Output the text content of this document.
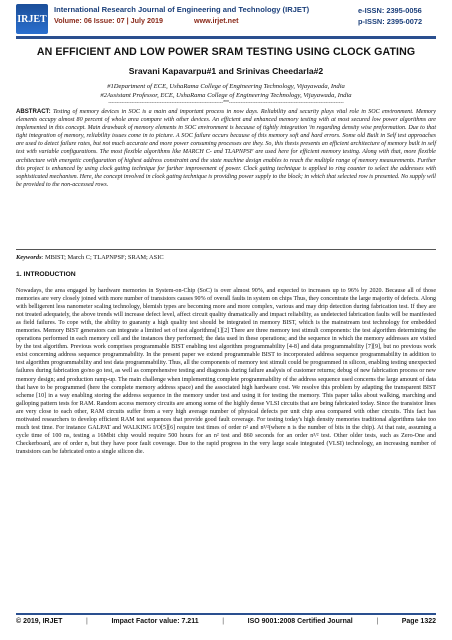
IRJET
International Research Journal of Engineering and Technology (IRJET)
Volume: 06 Issue: 07 | July 2019	www.irjet.net
e-ISSN: 2395-0056
p-ISSN: 2395-0072
AN EFFICIENT AND LOW POWER SRAM TESTING USING CLOCK GATING
Sravani Kapavarpu#1 and Srinivas Cheedarla#2
#1Department of ECE, UshaRama College of Engineering Technology, Vijayawada, India
#2Assistant Professor, ECE, UshaRama College of Engineering Technology, Vijayawada, India
---------------------------------------------------------------------***---------------------------------------------------------------------
ABSTRACT: Testing of memory devices in SOC is a main and important process in now days. Reliability and security plays vital role in SOC environment. Memory elements occupy almost 80 percent of whole area compare with other devices. An efficient and enhanced memory testing with at most secured low power algorithms are implemented in this concept. Main drawback of memory elements in SOC environment is because of tightly integration 'in regarding density wise preformation. Due to that tight integration of memory, reliability issues come in to picture. A SOC failure occurs because of this memory soft and hard errors. Some old Built in Self test approaches are used to detect failure rates, but not much accurate and more power consuming processes are they. So, this thesis presents an efficient architecture of memory built in self test with variable configurations. The most flexible algorithms like MARCH C- and TLAPNPSF are used here for efficient memory testing. Along with that, more flexible architecture with energetic configuration of highest address constraint and the state machine design enables to reach the multiple range of memory measurements. Further this project is enhanced by using clock gating technique for further improvement of power. Clock gating technique is applied to ring counter to select the addresses with sophisticated mechanism. Here, the concept involved in clock gating technique is providing power supply to the block; in which that selected row is presented. No supply will be provided to the non-accessed rows.
Keywords: MBIST; March C; TLAPNPSF; SRAM; ASIC
1. INTRODUCTION
Nowadays, the area engaged by hardware memories in System-on-Chip (SoC) is over almost 90%, and expected to increases up to 96% by 2020. Because all of those memories are very closely joined with more number of transistors causes 90% of overall faults in system on chips Thus, they concentrate the large majority of defects. Along with belligerent less nanometer scaling technology, blemish types are becoming more and more complex, various and may drip detection during fabrication test. If they are not treated adequately, the above trends will increase defect level, affect circuit quality dramatically and impact reliability, as undetected fabrication faults will be manifested as field failures. To cope with, the ability to guaranty a high quality test should be integrated in memory BIST, which is the mainstream test technology for embedded memories. Memory BIST generators can integrate a limited set of test algorithms[1][2] There are three memory test stimuli components: the test algorithm determining the operations performed in each memory cell and the instances they performed; the data used in these operations; and the sequence in which the memory addresses are visited by the test algorithm. Previous work comprises programmable BIST enabling test algorithm programmability [4-8] and data programmability [7][9], but no previous work exist concerning address sequence programmability. In the present paper we extend programmable BIST to incorporated address sequence programmability in addition to test algorithm programmability and test data programmability. Thus, all the components of memory test stimuli could be programmed in silicon, enabling testing unexpected failures during fabrication go/no go test, as well as comprehensive testing and diagnosis during failure analysis of customer returns; debug of new fabrication process or new memory design; and production ramp-up. The main challenge when implementing complete programmability of the address sequence used concerns the large amount of data that have to be programmed (here the complete memory address space) and the associated high hardware cost. We resolve this problem by adapting the transparent BIST scheme [10] in a way enabling storing the address sequence in the memory under test and using it for testing the memory. This paper talks about walking, marching and galloping pattern tests for RAM. Random access memory circuits are among some of the highly dense VLSI circuits that are being fabricated today. Since the transistor lines are very close to each other, RAM circuits suffer from a very high average number of physical defects per unit chip area compared with other circuits. This fact has motivated researchers to develop efficient RAM test sequences that provide good fault coverage. For testing today's high density memories traditional algorithms take too much test time. For instance GALPAT and WALKING I/O[5][6] require test times of order n² and n³/²(where n is the number of bits in the chip). At that rate, assuming a cycle time of 100 ns, testing a 16Mbit chip would require 500 hours for an n² test and 860 seconds for an order n³/² test. Other older tests, such as Zero-One and Checkerboard, are of order n, but they have poor fault coverage. Due to the rapid progress in the very large scale integrated (VLSI) technology, an increasing number of transistors can be fabricated onto a single silicon die.
© 2019, IRJET	|	Impact Factor value: 7.211	|	ISO 9001:2008 Certified Journal	|	Page 1322
